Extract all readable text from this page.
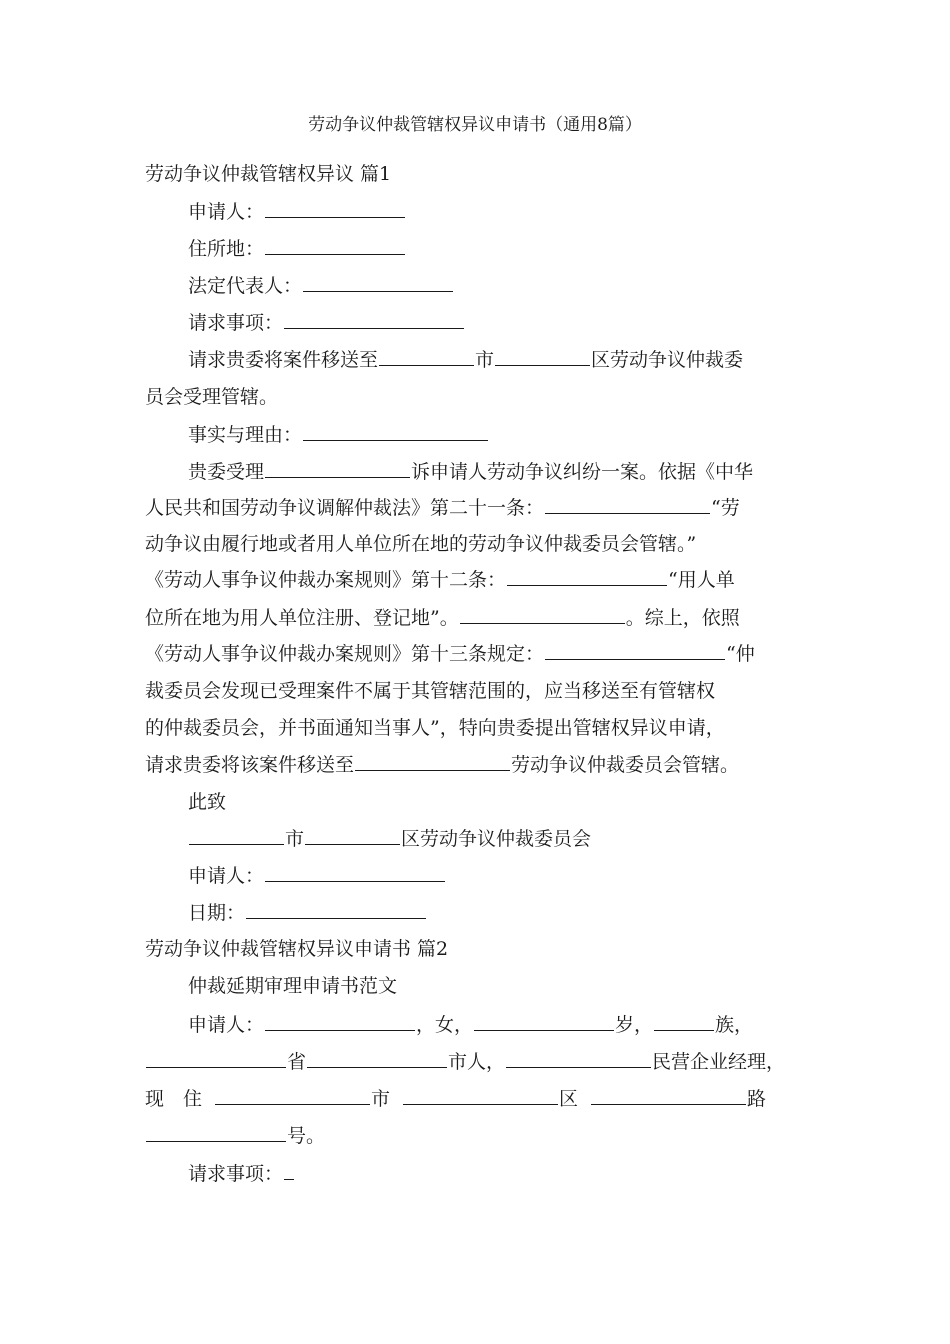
劳动争议仲裁管辖权异议申请书（通用8篇）
劳动争议仲裁管辖权异议 篇1
申请人：
住所地：
法定代表人：
请求事项：
请求贵委将案件移送至	市	区劳动争议仲裁委
员会受理管辖。
事实与理由：
贵委受理	诉申请人劳动争议纠纷一案。依据《中华
人民共和国劳动争议调解仲裁法》第二十一条：	“劳
动争议由履行地或者用人单位所在地的劳动争议仲裁委员会管辖。”
《劳动人事争议仲裁办案规则》第十二条：	“用人单
位所在地为用人单位注册、登记地”。	。综上，依照
《劳动人事争议仲裁办案规则》第十三条规定：	“仲
裁委员会发现已受理案件不属于其管辖范围的，应当移送至有管辖权
的仲裁委员会，并书面通知当事人”，特向贵委提出管辖权异议申请，
请求贵委将该案件移送至	劳动争议仲裁委员会管辖。
此致
市	区劳动争议仲裁委员会
申请人：
日期：
劳动争议仲裁管辖权异议申请书 篇2
仲裁延期审理申请书范文
申请人：	，女，	岁，	族，
省	市人，	民营企业经理，
现　住	市	区	路
号。
请求事项：
